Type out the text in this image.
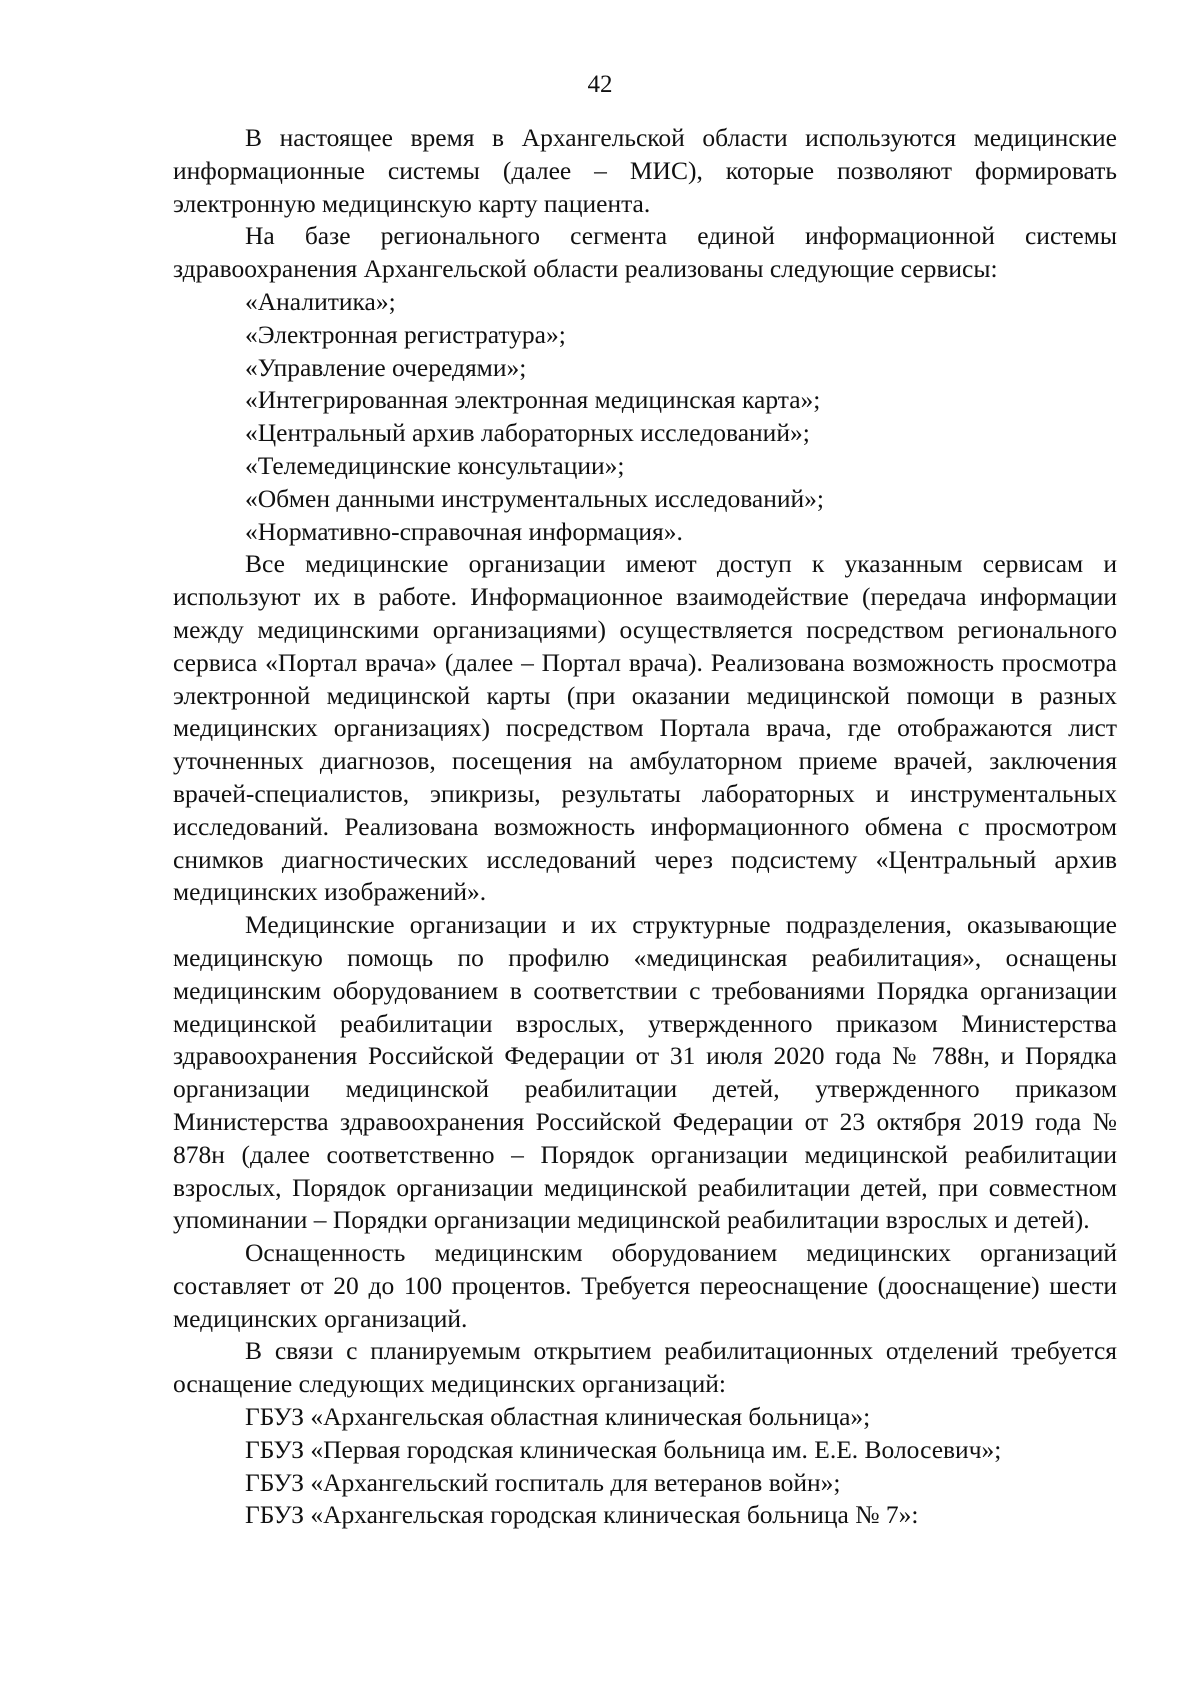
42

В настоящее время в Архангельской области используются медицинские информационные системы (далее – МИС), которые позволяют формировать электронную медицинскую карту пациента.

На базе регионального сегмента единой информационной системы здравоохранения Архангельской области реализованы следующие сервисы:

«Аналитика»;

«Электронная регистратура»;

«Управление очередями»;

«Интегрированная электронная медицинская карта»;

«Центральный архив лабораторных исследований»;

«Телемедицинские консультации»;

«Обмен данными инструментальных исследований»;

«Нормативно-справочная информация».

Все медицинские организации имеют доступ к указанным сервисам и используют их в работе. Информационное взаимодействие (передача информации между медицинскими организациями) осуществляется посредством регионального сервиса «Портал врача» (далее – Портал врача). Реализована возможность просмотра электронной медицинской карты (при оказании медицинской помощи в разных медицинских организациях) посредством Портала врача, где отображаются лист уточненных диагнозов, посещения на амбулаторном приеме врачей, заключения врачей-специалистов, эпикризы, результаты лабораторных и инструментальных исследований. Реализована возможность информационного обмена с просмотром снимков диагностических исследований через подсистему «Центральный архив медицинских изображений».

Медицинские организации и их структурные подразделения, оказывающие медицинскую помощь по профилю «медицинская реабилитация», оснащены медицинским оборудованием в соответствии с требованиями Порядка организации медицинской реабилитации взрослых, утвержденного приказом Министерства здравоохранения Российской Федерации от 31 июля 2020 года № 788н, и Порядка организации медицинской реабилитации детей, утвержденного приказом Министерства здравоохранения Российской Федерации от 23 октября 2019 года № 878н (далее соответственно – Порядок организации медицинской реабилитации взрослых, Порядок организации медицинской реабилитации детей, при совместном упоминании – Порядки организации медицинской реабилитации взрослых и детей).

Оснащенность медицинским оборудованием медицинских организаций составляет от 20 до 100 процентов. Требуется переоснащение (дооснащение) шести медицинских организаций.

В связи с планируемым открытием реабилитационных отделений требуется оснащение следующих медицинских организаций:

ГБУЗ «Архангельская областная клиническая больница»;

ГБУЗ «Первая городская клиническая больница им. Е.Е. Волосевич»;

ГБУЗ «Архангельский госпиталь для ветеранов войн»;

ГБУЗ «Архангельская городская клиническая больница № 7»:
